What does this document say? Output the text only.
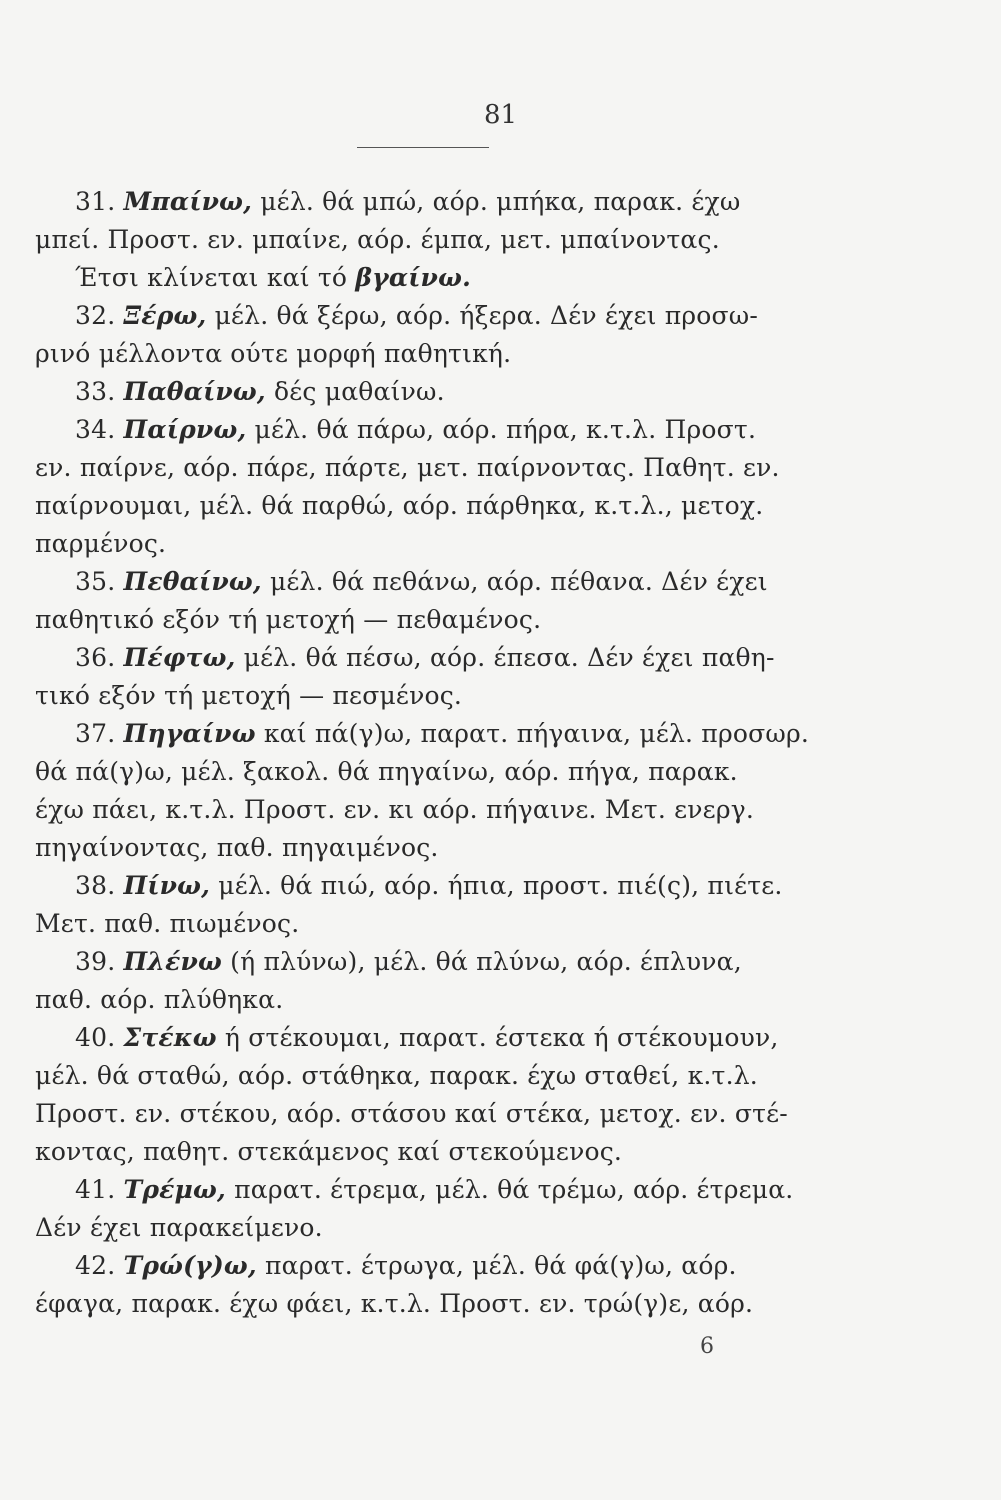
81
31. Μπαίνω, μέλ. θά μπώ, αόρ. μπήκα, παρακ. έχω
μπεί. Προστ. εν. μπαίνε, αόρ. έμπα, μετ. μπαίνοντας.
Έτσι κλίνεται καί τό βγαίνω.
32. Ξέρω, μέλ. θά ξέρω, αόρ. ήξερα. Δέν έχει προσω-
ρινό μέλλοντα ούτε μορφή παθητική.
33. Παθαίνω, δές μαθαίνω.
34. Παίρνω, μέλ. θά πάρω, αόρ. πήρα, κ.τ.λ. Προστ.
εν. παίρνε, αόρ. πάρε, πάρτε, μετ. παίρνοντας. Παθητ. εν.
παίρνουμαι, μέλ. θά παρθώ, αόρ. πάρθηκα, κ.τ.λ., μετοχ.
παρμένος.
35. Πεθαίνω, μέλ. θά πεθάνω, αόρ. πέθανα. Δέν έχει
παθητικό εξόν τή μετοχή — πεθαμένος.
36. Πέφτω, μέλ. θά πέσω, αόρ. έπεσα. Δέν έχει παθη-
τικό εξόν τή μετοχή — πεσμένος.
37. Πηγαίνω καί πά(γ)ω, παρατ. πήγαινα, μέλ. προσωρ.
θά πά(γ)ω, μέλ. ξακολ. θά πηγαίνω, αόρ. πήγα, παρακ.
έχω πάει, κ.τ.λ. Προστ. εν. κι αόρ. πήγαινε. Μετ. ενεργ.
πηγαίνοντας, παθ. πηγαιμένος.
38. Πίνω, μέλ. θά πιώ, αόρ. ήπια, προστ. πιέ(ς), πιέτε.
Μετ. παθ. πιωμένος.
39. Πλένω (ή πλύνω), μέλ. θά πλύνω, αόρ. έπλυνα,
παθ. αόρ. πλύθηκα.
40. Στέκω ή στέκουμαι, παρατ. έστεκα ή στέκουμουν,
μέλ. θά σταθώ, αόρ. στάθηκα, παρακ. έχω σταθεί, κ.τ.λ.
Προστ. εν. στέκου, αόρ. στάσου καί στέκα, μετοχ. εν. στέ-
κοντας, παθητ. στεκάμενος καί στεκούμενος.
41. Τρέμω, παρατ. έτρεμα, μέλ. θά τρέμω, αόρ. έτρεμα.
Δέν έχει παρακείμενο.
42. Τρώ(γ)ω, παρατ. έτρωγα, μέλ. θά φά(γ)ω, αόρ.
έφαγα, παρακ. έχω φάει, κ.τ.λ. Προστ. εν. τρώ(γ)ε, αόρ.
6
